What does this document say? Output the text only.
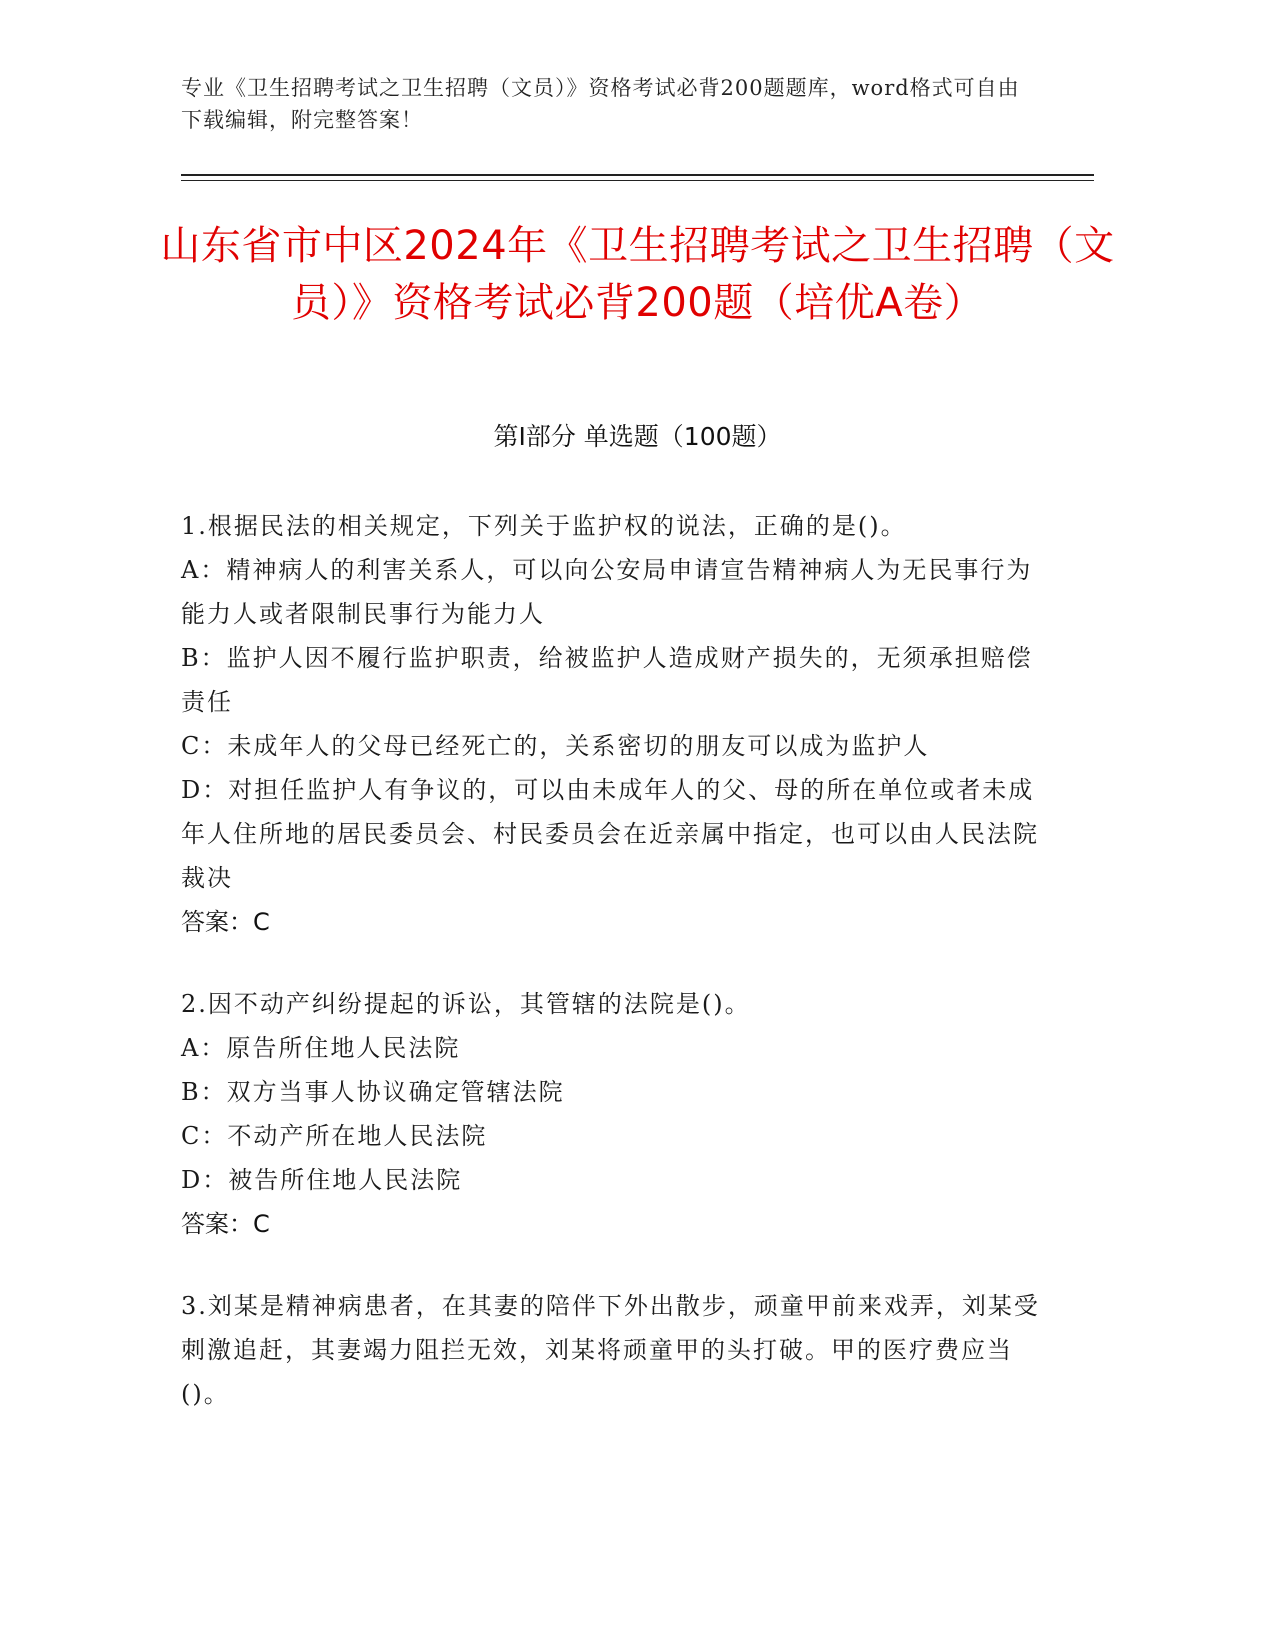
专业《卫生招聘考试之卫生招聘（文员）》资格考试必背200题题库，word格式可自由下载编辑，附完整答案！
山东省市中区2024年《卫生招聘考试之卫生招聘（文员）》资格考试必背200题（培优A卷）
第I部分 单选题（100题）
1.根据民法的相关规定，下列关于监护权的说法，正确的是()。
A：精神病人的利害关系人，可以向公安局申请宣告精神病人为无民事行为能力人或者限制民事行为能力人
B：监护人因不履行监护职责，给被监护人造成财产损失的，无须承担赔偿责任
C：未成年人的父母已经死亡的，关系密切的朋友可以成为监护人
D：对担任监护人有争议的，可以由未成年人的父、母的所在单位或者未成年人住所地的居民委员会、村民委员会在近亲属中指定，也可以由人民法院裁决
答案：C
2.因不动产纠纷提起的诉讼，其管辖的法院是()。
A：原告所住地人民法院
B：双方当事人协议确定管辖法院
C：不动产所在地人民法院
D：被告所住地人民法院
答案：C
3.刘某是精神病患者，在其妻的陪伴下外出散步，顽童甲前来戏弄，刘某受刺激追赶，其妻竭力阻拦无效，刘某将顽童甲的头打破。甲的医疗费应当()。
